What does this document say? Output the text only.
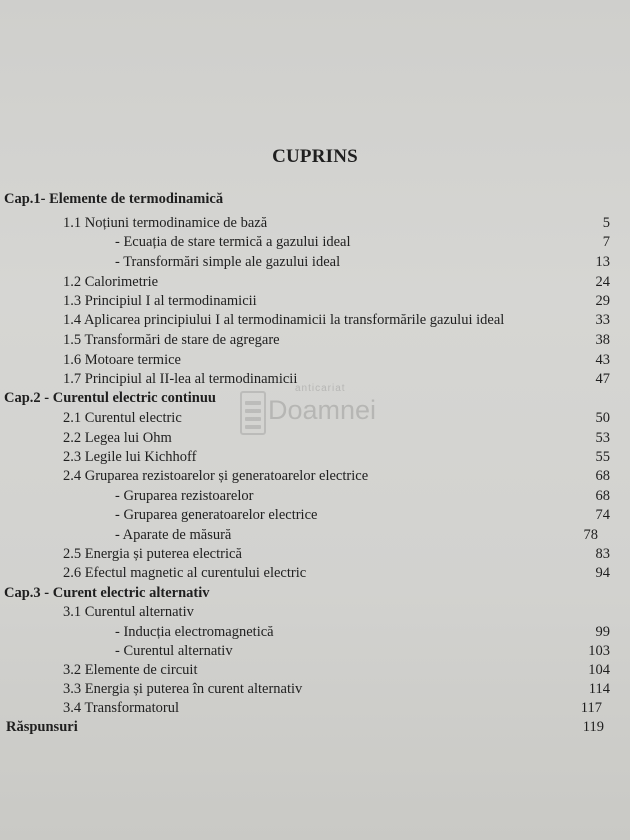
CUPRINS
anticariat
Doamnei
Cap.1- Elemente de termodinamică
1.1 Noțiuni termodinamice de bază	5
- Ecuația de stare termică a gazului ideal	7
- Transformări simple ale gazului ideal	13
1.2 Calorimetrie	24
1.3 Principiul I al termodinamicii	29
1.4 Aplicarea principiului I al termodinamicii la transformările gazului ideal	33
1.5 Transformări de stare de agregare	38
1.6 Motoare termice	43
1.7 Principiul al II-lea al termodinamicii	47
Cap.2 - Curentul electric continuu
2.1 Curentul electric	50
2.2 Legea lui Ohm	53
2.3 Legile lui Kichhoff	55
2.4 Gruparea rezistoarelor și generatoarelor electrice	68
- Gruparea rezistoarelor	68
- Gruparea generatoarelor electrice	74
- Aparate de măsură	78
2.5 Energia și puterea electrică	83
2.6 Efectul magnetic al curentului electric	94
Cap.3 - Curent electric alternativ
3.1 Curentul alternativ
- Inducția electromagnetică	99
- Curentul alternativ	103
3.2 Elemente de circuit	104
3.3 Energia și puterea în curent alternativ	114
3.4 Transformatorul	117
Răspunsuri	119
